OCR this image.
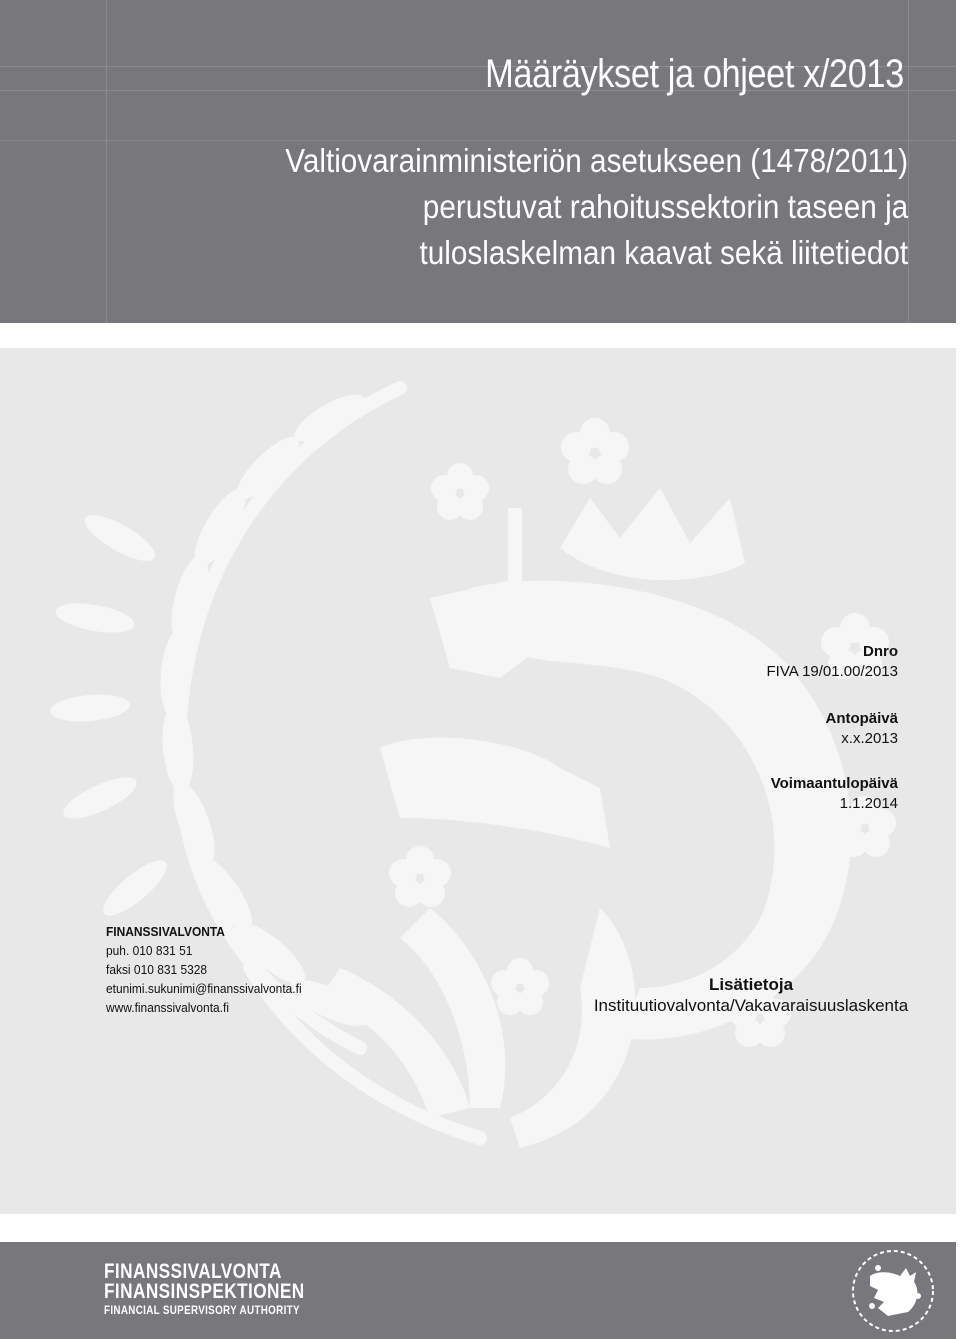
Määräykset ja ohjeet x/2013
Valtiovarainministeriön asetukseen (1478/2011)
perustuvat rahoitussektorin taseen ja
tuloslaskelman kaavat sekä liitetiedot
Dnro
FIVA 19/01.00/2013
Antopäivä
x.x.2013
Voimaantulopäivä
1.1.2014
FINANSSIVALVONTA
puh. 010 831 51
faksi 010 831 5328
etunimi.sukunimi@finanssivalvonta.fi
www.finanssivalvonta.fi
Lisätietoja
Instituutiovalvonta/Vakavaraisuuslaskenta
FINANSSIVALVONTA
FINANSINSPEKTIONEN
FINANCIAL SUPERVISORY AUTHORITY
